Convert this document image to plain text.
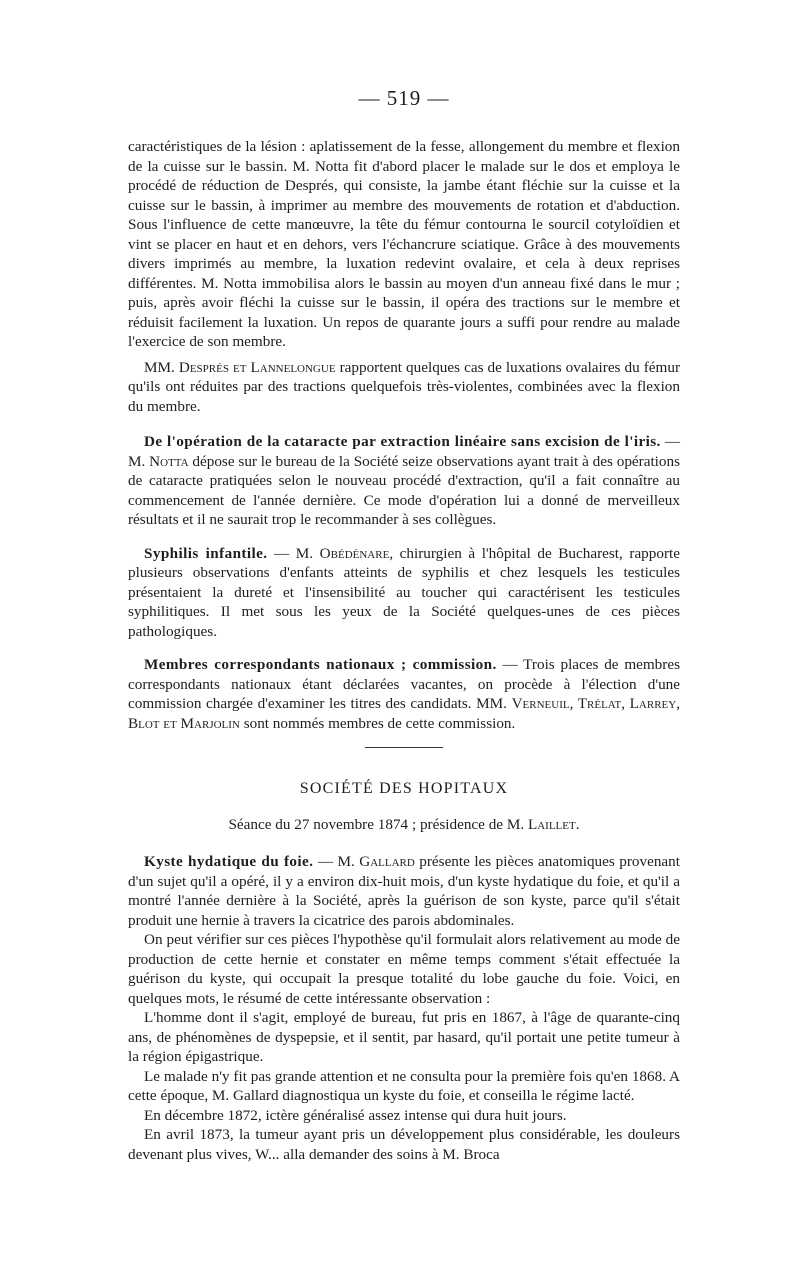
— 519 —

caractéristiques de la lésion : aplatissement de la fesse, allongement du membre et flexion de la cuisse sur le bassin. M. Notta fit d'abord placer le malade sur le dos et employa le procédé de réduction de Després, qui consiste, la jambe étant fléchie sur la cuisse et la cuisse sur le bassin, à imprimer au membre des mouvements de rotation et d'abduction. Sous l'influence de cette manœuvre, la tête du fémur contourna le sourcil cotyloïdien et vint se placer en haut et en dehors, vers l'échancrure sciatique. Grâce à des mouvements divers imprimés au membre, la luxation redevint ovalaire, et cela à deux reprises différentes. M. Notta immobilisa alors le bassin au moyen d'un anneau fixé dans le mur ; puis, après avoir fléchi la cuisse sur le bassin, il opéra des tractions sur le membre et réduisit facilement la luxation. Un repos de quarante jours a suffi pour rendre au malade l'exercice de son membre.

MM. Després et Lannelongue rapportent quelques cas de luxations ovalaires du fémur qu'ils ont réduites par des tractions quelquefois très-violentes, combinées avec la flexion du membre.

De l'opération de la cataracte par extraction linéaire sans excision de l'iris. — M. Notta dépose sur le bureau de la Société seize observations ayant trait à des opérations de cataracte pratiquées selon le nouveau procédé d'extraction, qu'il a fait connaître au commencement de l'année dernière. Ce mode d'opération lui a donné de merveilleux résultats et il ne saurait trop le recommander à ses collègues.

Syphilis infantile. — M. Obédénare, chirurgien à l'hôpital de Bucharest, rapporte plusieurs observations d'enfants atteints de syphilis et chez lesquels les testicules présentaient la dureté et l'insensibilité au toucher qui caractérisent les testicules syphilitiques. Il met sous les yeux de la Société quelques-unes de ces pièces pathologiques.

Membres correspondants nationaux ; commission. — Trois places de membres correspondants nationaux étant déclarées vacantes, on procède à l'élection d'une commission chargée d'examiner les titres des candidats. MM. Verneuil, Trélat, Larrey, Blot et Marjolin sont nommés membres de cette commission.

SOCIÉTÉ DES HOPITAUX
Séance du 27 novembre 1874 ; présidence de M. Laillet.

Kyste hydatique du foie. — M. Gallard présente les pièces anatomiques provenant d'un sujet qu'il a opéré, il y a environ dix-huit mois, d'un kyste hydatique du foie, et qu'il a montré l'année dernière à la Société, après la guérison de son kyste, parce qu'il s'était produit une hernie à travers la cicatrice des parois abdominales.

On peut vérifier sur ces pièces l'hypothèse qu'il formulait alors relativement au mode de production de cette hernie et constater en même temps comment s'était effectuée la guérison du kyste, qui occupait la presque totalité du lobe gauche du foie. Voici, en quelques mots, le résumé de cette intéressante observation :

L'homme dont il s'agit, employé de bureau, fut pris en 1867, à l'âge de quarante-cinq ans, de phénomènes de dyspepsie, et il sentit, par hasard, qu'il portait une petite tumeur à la région épigastrique.

Le malade n'y fit pas grande attention et ne consulta pour la première fois qu'en 1868. A cette époque, M. Gallard diagnostiqua un kyste du foie, et conseilla le régime lacté.

En décembre 1872, ictère généralisé assez intense qui dura huit jours.

En avril 1873, la tumeur ayant pris un développement plus considérable, les douleurs devenant plus vives, W... alla demander des soins à M. Broca
